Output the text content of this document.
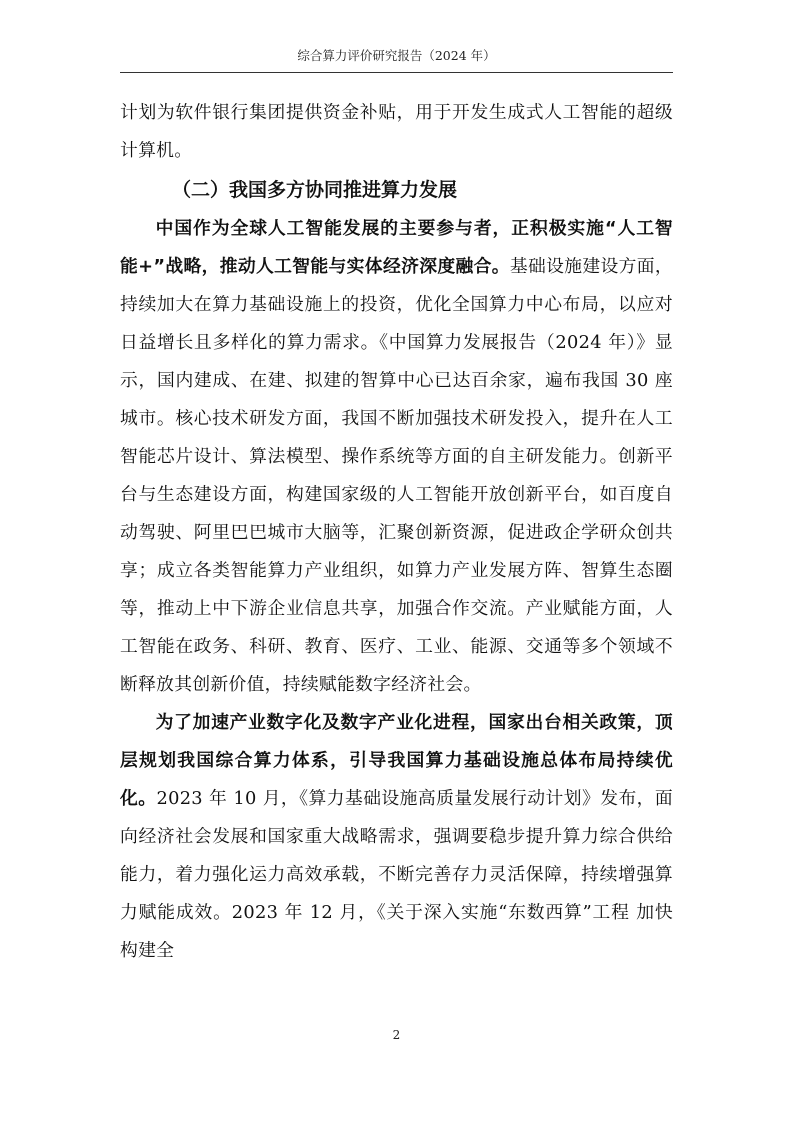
综合算力评价研究报告（2024 年）

计划为软件银行集团提供资金补贴，用于开发生成式人工智能的超级计算机。

（二）我国多方协同推进算力发展

中国作为全球人工智能发展的主要参与者，正积极实施“人工智能+”战略，推动人工智能与实体经济深度融合。基础设施建设方面，持续加大在算力基础设施上的投资，优化全国算力中心布局，以应对日益增长且多样化的算力需求。《中国算力发展报告（2024 年）》显示，国内建成、在建、拟建的智算中心已达百余家，遍布我国 30 座城市。核心技术研发方面，我国不断加强技术研发投入，提升在人工智能芯片设计、算法模型、操作系统等方面的自主研发能力。创新平台与生态建设方面，构建国家级的人工智能开放创新平台，如百度自动驾驶、阿里巴巴城市大脑等，汇聚创新资源，促进政企学研众创共享；成立各类智能算力产业组织，如算力产业发展方阵、智算生态圈等，推动上中下游企业信息共享，加强合作交流。产业赋能方面，人工智能在政务、科研、教育、医疗、工业、能源、交通等多个领域不断释放其创新价值，持续赋能数字经济社会。

为了加速产业数字化及数字产业化进程，国家出台相关政策，顶层规划我国综合算力体系，引导我国算力基础设施总体布局持续优化。2023 年 10 月，《算力基础设施高质量发展行动计划》发布，面向经济社会发展和国家重大战略需求，强调要稳步提升算力综合供给能力，着力强化运力高效承载，不断完善存力灵活保障，持续增强算力赋能成效。2023 年 12 月，《关于深入实施“东数西算”工程 加快构建全

2
